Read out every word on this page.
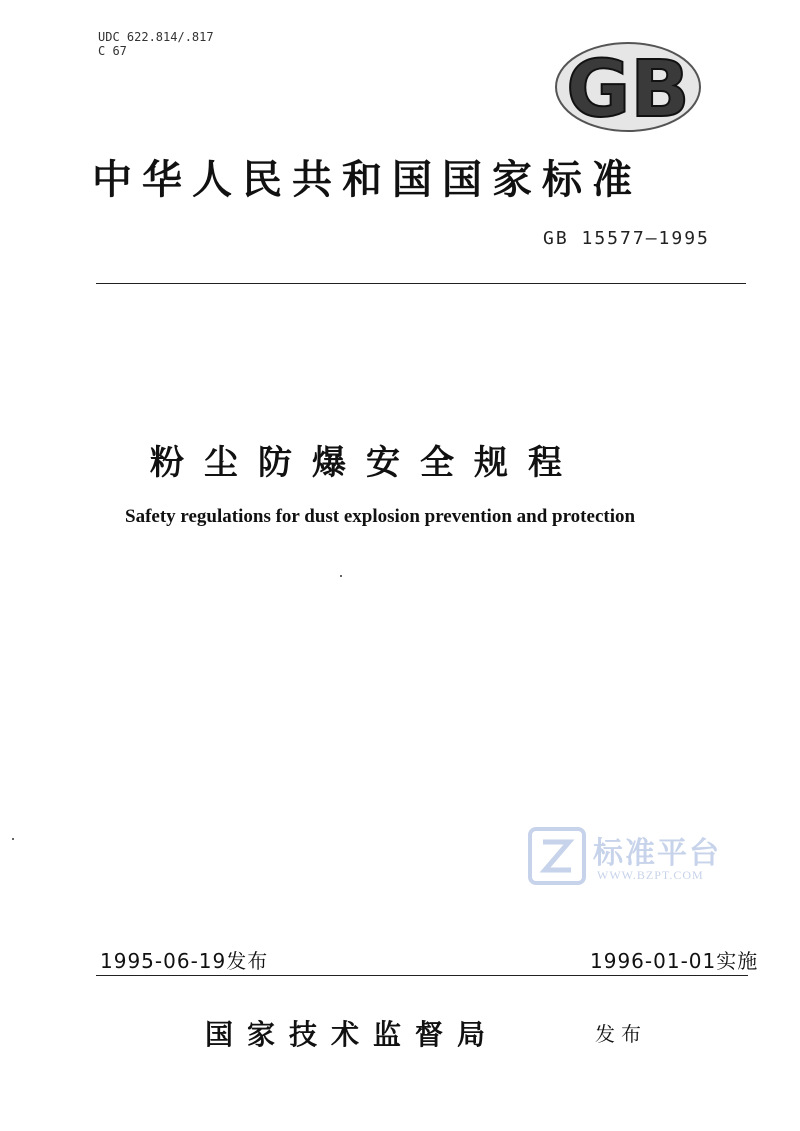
UDC 622.814/.817
C 67	GB
中华人民共和国国家标准
GB 15577—1995
粉尘防爆安全规程
Safety regulations for dust explosion prevention and protection
标准平台
WWW.BZPT.COM
1995-06-19发布	1996-01-01实施
国家技术监督局	发布
